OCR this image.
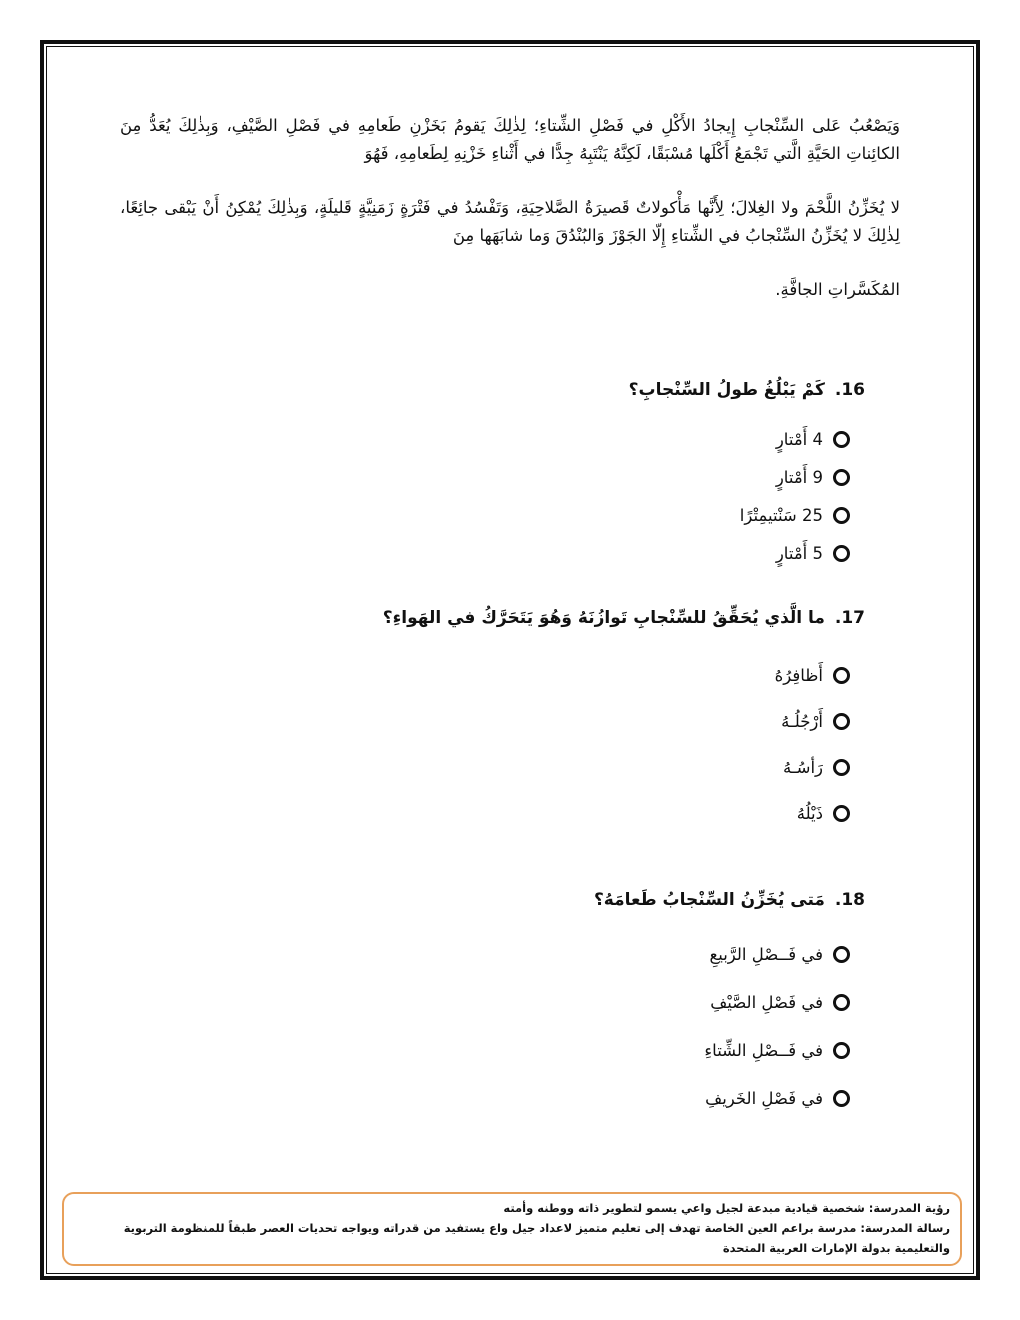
وَيَصْعُبُ عَلى السِّنْجابِ إِيجادُ الأَكْلِ في فَصْلِ الشِّتاءِ؛ لِذٰلِكَ يَقومُ بَخَزْنِ طَعامِهِ في فَصْلِ الصَّيْفِ، وَبِذٰلِكَ يُعَدُّ مِنَ الكائِناتِ الحَيَّةِ الَّتي تَجْمَعُ أَكْلَها مُسْبَقًا، لَكِنَّهُ يَنْتَبِهُ جِدًّا في أَثْناءِ خَزْنِهِ لِطَعامِهِ، فَهُوَ

لا يُخَزِّنُ اللَّحْمَ ولا الغِلالَ؛ لِأَنَّها مَأْكولاتٌ قَصيرَةُ الصَّلاحِيَةِ، وَتَفْسُدُ في فَتْرَةٍ زَمَنِيَّةٍ قَليلَةٍ، وَبِذٰلِكَ يُمْكِنُ أَنْ يَبْقى جائِعًا، لِذٰلِكَ لا يُخَزِّنُ السِّنْجابُ في الشِّتاءِ إِلّا الجَوْزَ وَالبُنْدُقَ وَما شابَهَها مِنَ

المُكَسَّراتِ الجافَّةِ.

16. كَمْ يَبْلُغُ طولُ السِّنْجابِ؟
4 أَمْتارٍ
9 أَمْتارٍ
25 سَنْتيمِتْرًا
5 أَمْتارٍ
17. ما الَّذي يُحَقِّقُ للسِّنْجابِ تَوازُنَهُ وَهُوَ يَتَحَرَّكُ في الهَواءِ؟
أَظافِرُهُ
أَرْجُلُـهُ
رَأسُـهُ
ذَيْلُهُ
18. مَتى يُخَزِّنُ السِّنْجابُ طَعامَهُ؟
في فَــصْلِ الرَّبيعِ
في فَصْلِ الصَّيْفِ
في فَــصْلِ الشِّتاءِ
في فَصْلِ الخَريفِ

رؤية المدرسة: شخصية قيادية مبدعة لجيل واعي يسمو لتطوير ذاته ووطنه وأمته

رسالة المدرسة: مدرسة براعم العين الخاصة تهدف إلى تعليم متميز لاعداد جيل واع يستفيد من قدراته ويواجه تحديات العصر طبقاً للمنظومة التربوية والتعليمية بدولة الإمارات العربية المتحدة
